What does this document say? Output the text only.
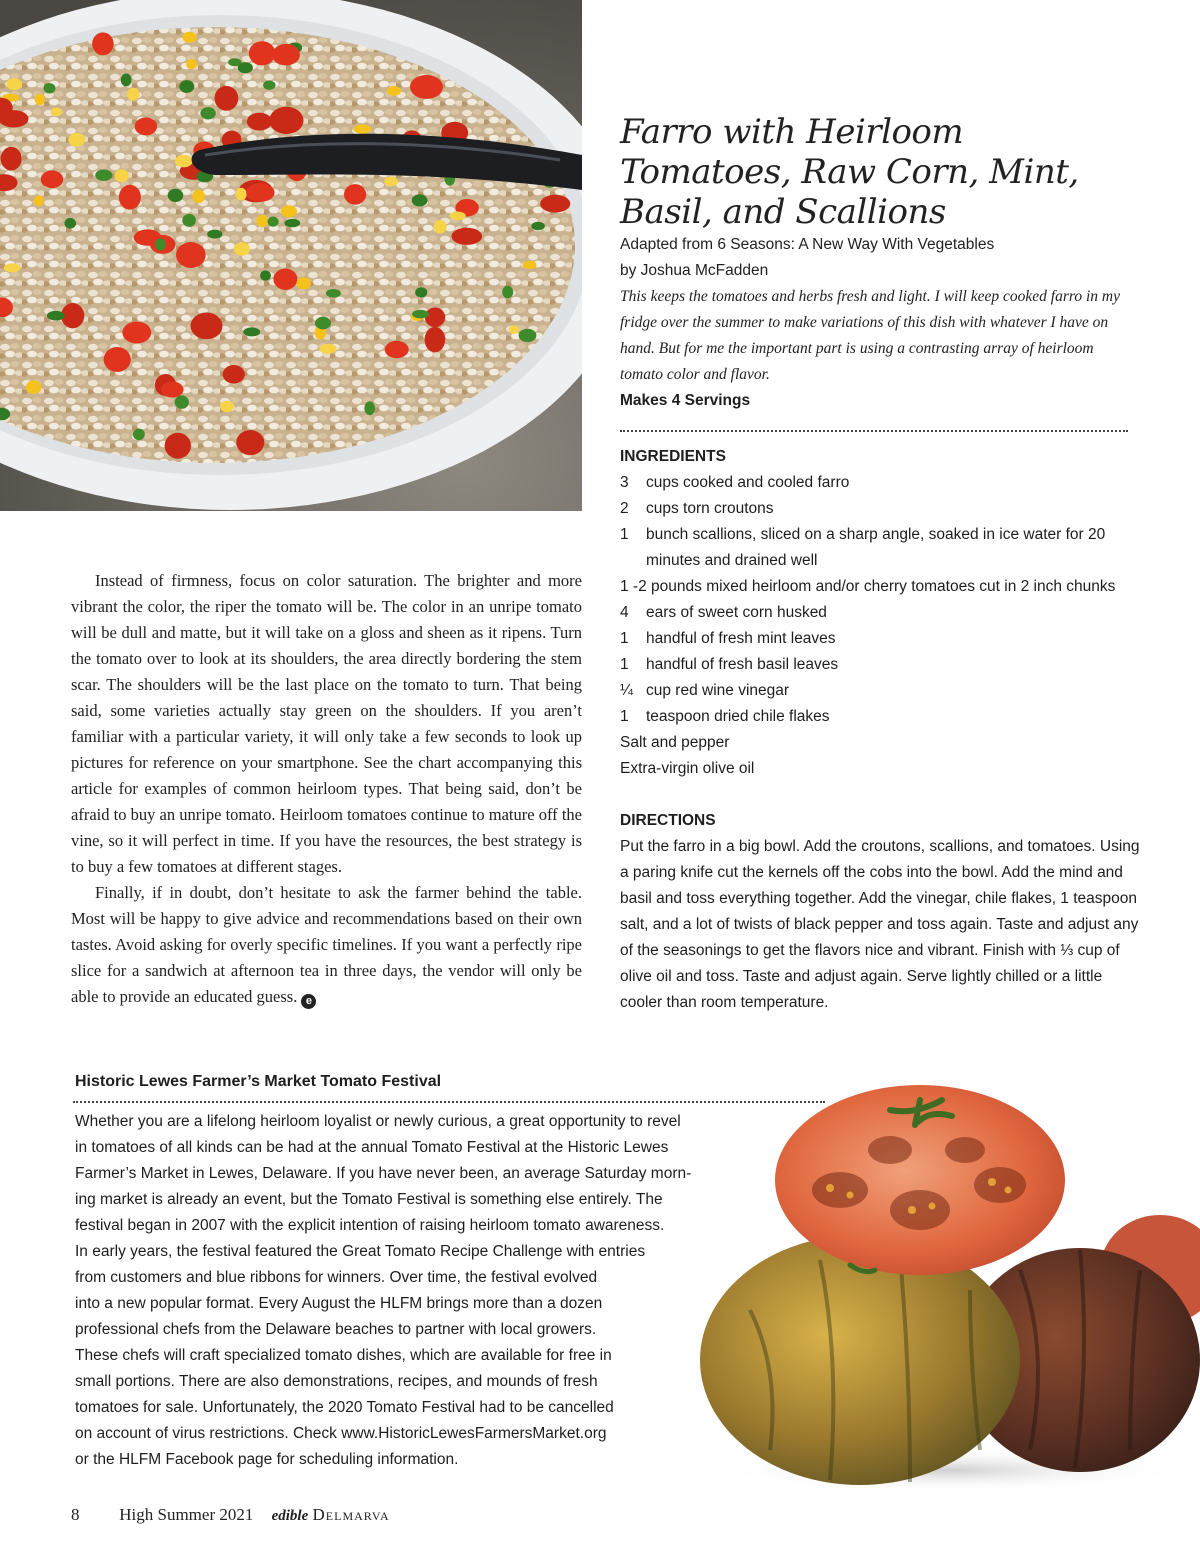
Farro with Heirloom Tomatoes, Raw Corn, Mint, Basil, and Scallions
Adapted from 6 Seasons: A New Way With Vegetables
by Joshua McFadden

This keeps the tomatoes and herbs fresh and light. I will keep cooked farro in my fridge over the summer to make variations of this dish with whatever I have on hand. But for me the important part is using a contrasting array of heirloom tomato color and flavor.

Makes 4 Servings
INGREDIENTS
3	cups cooked and cooled farro
2	cups torn croutons
1	bunch scallions, sliced on a sharp angle, soaked in ice water for 20 minutes and drained well
1 -2 pounds mixed heirloom and/or cherry tomatoes cut in 2 inch chunks
4	ears of sweet corn husked
1	handful of fresh mint leaves
1	handful of fresh basil leaves
¼ cup red wine vinegar
1	teaspoon dried chile flakes
Salt and pepper
Extra-virgin olive oil
DIRECTIONS

Put the farro in a big bowl. Add the croutons, scallions, and tomatoes. Using a paring knife cut the kernels off the cobs into the bowl. Add the mind and basil and toss everything together. Add the vinegar, chile flakes, 1 teaspoon salt, and a lot of twists of black pepper and toss again. Taste and adjust any of the seasonings to get the flavors nice and vibrant. Finish with ⅓ cup of olive oil and toss. Taste and adjust again. Serve lightly chilled or a little cooler than room temperature.

Instead of firmness, focus on color saturation. The brighter and more vibrant the color, the riper the tomato will be. The color in an unripe tomato will be dull and matte, but it will take on a gloss and sheen as it ripens. Turn the tomato over to look at its shoulders, the area directly bordering the stem scar. The shoulders will be the last place on the tomato to turn. That being said, some varieties actually stay green on the shoulders. If you aren’t familiar with a particular variety, it will only take a few seconds to look up pictures for reference on your smartphone. See the chart accompanying this article for examples of common heirloom types. That being said, don’t be afraid to buy an unripe tomato. Heirloom tomatoes continue to mature off the vine, so it will perfect in time. If you have the resources, the best strategy is to buy a few tomatoes at different stages.

Finally, if in doubt, don’t hesitate to ask the farmer behind the table. Most will be happy to give advice and recommendations based on their own tastes. Avoid asking for overly specific timelines. If you want a perfectly ripe slice for a sandwich at afternoon tea in three days, the vendor will only be able to provide an educated guess. e

Historic Lewes Farmer’s Market Tomato Festival
Whether you are a lifelong heirloom loyalist or newly curious, a great opportunity to revel
in tomatoes of all kinds can be had at the annual Tomato Festival at the Historic Lewes
Farmer’s Market in Lewes, Delaware. If you have never been, an average Saturday morn-
ing market is already an event, but the Tomato Festival is something else entirely. The
festival began in 2007 with the explicit intention of raising heirloom tomato awareness.
In early years, the festival featured the Great Tomato Recipe Challenge with entries
from customers and blue ribbons for winners. Over time, the festival evolved
into a new popular format. Every August the HLFM brings more than a dozen
professional chefs from the Delaware beaches to partner with local growers.
These chefs will craft specialized tomato dishes, which are available for free in
small portions. There are also demonstrations, recipes, and mounds of fresh
tomatoes for sale. Unfortunately, the 2020 Tomato Festival had to be cancelled
on account of virus restrictions. Check www.HistoricLewesFarmersMarket.org
or the HLFM Facebook page for scheduling information.
8 High Summer 2021 edible Delmarva
